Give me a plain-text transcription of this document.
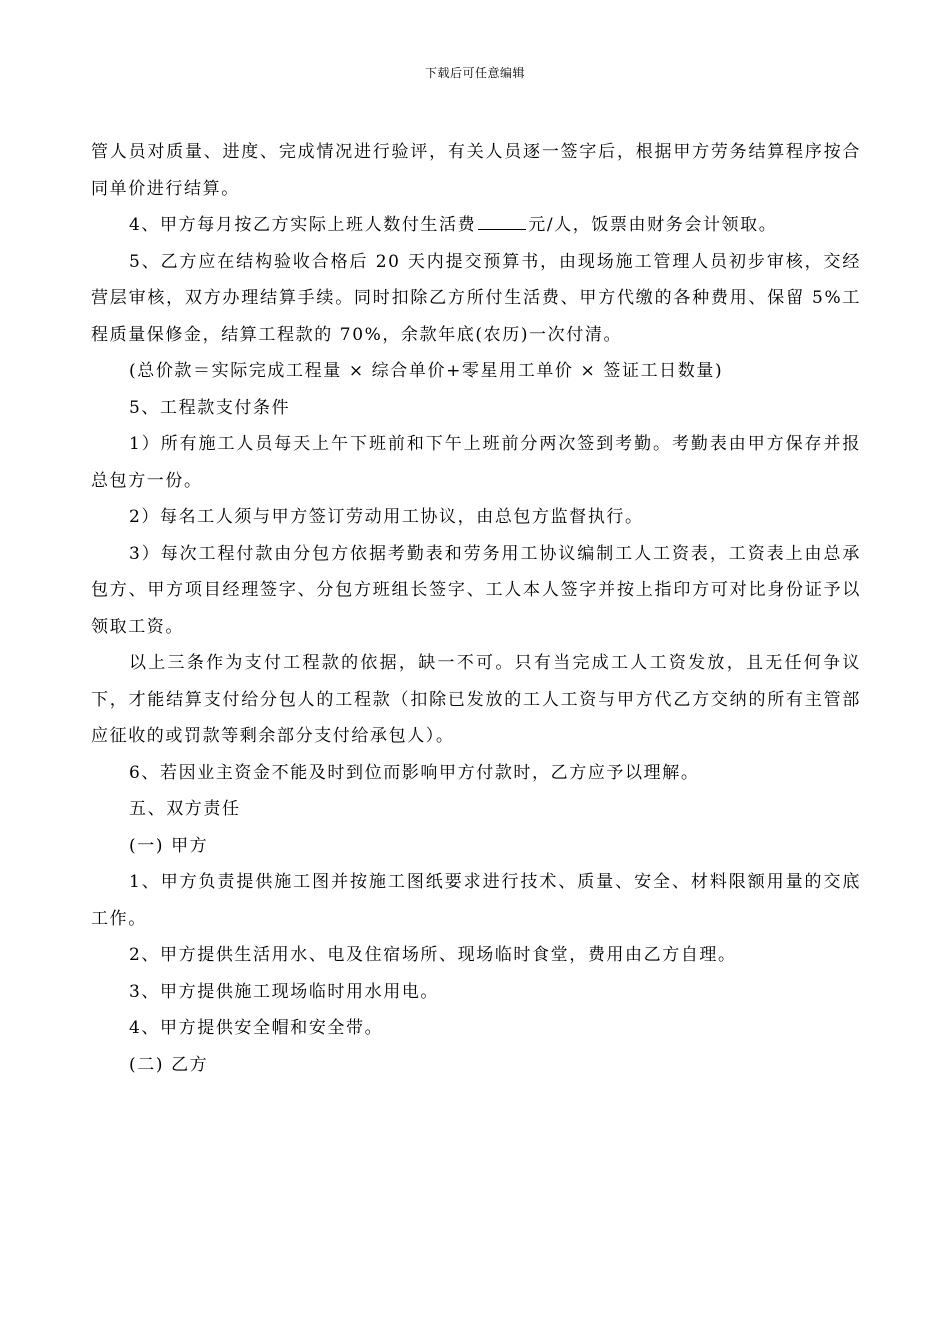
下载后可任意编辑

管人员对质量、进度、完成情况进行验评，有关人员逐一签字后，根据甲方劳务结算程序按合同单价进行结算。

4、甲方每月按乙方实际上班人数付生活费	元/人，饭票由财务会计领取。

5、乙方应在结构验收合格后 20 天内提交预算书，由现场施工管理人员初步审核，交经营层审核，双方办理结算手续。同时扣除乙方所付生活费、甲方代缴的各种费用、保留 5%工程质量保修金，结算工程款的 70%，余款年底(农历)一次付清。

(总价款＝实际完成工程量 × 综合单价+零星用工单价 × 签证工日数量)

5、工程款支付条件

1）所有施工人员每天上午下班前和下午上班前分两次签到考勤。考勤表由甲方保存并报总包方一份。

2）每名工人须与甲方签订劳动用工协议，由总包方监督执行。

3）每次工程付款由分包方依据考勤表和劳务用工协议编制工人工资表，工资表上由总承包方、甲方项目经理签字、分包方班组长签字、工人本人签字并按上指印方可对比身份证予以领取工资。

以上三条作为支付工程款的依据，缺一不可。只有当完成工人工资发放，且无任何争议下，才能结算支付给分包人的工程款（扣除已发放的工人工资与甲方代乙方交纳的所有主管部应征收的或罚款等剩余部分支付给承包人）。

6、若因业主资金不能及时到位而影响甲方付款时，乙方应予以理解。

五、双方责任

(一) 甲方

1、甲方负责提供施工图并按施工图纸要求进行技术、质量、安全、材料限额用量的交底工作。

2、甲方提供生活用水、电及住宿场所、现场临时食堂，费用由乙方自理。

3、甲方提供施工现场临时用水用电。

4、甲方提供安全帽和安全带。

(二) 乙方
